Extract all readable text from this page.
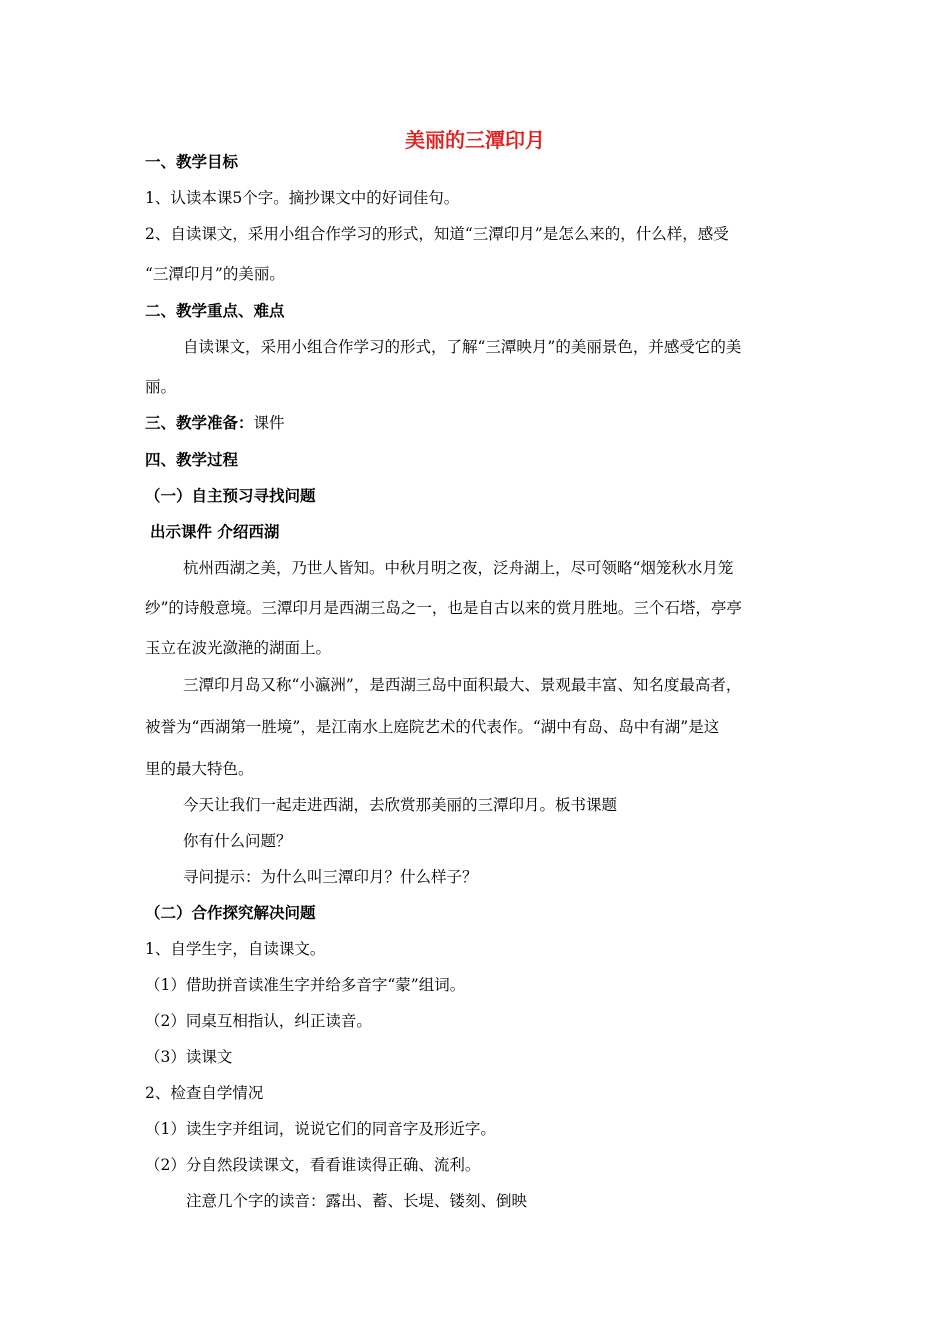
美丽的三潭印月

一、教学目标

1、认读本课5个字。摘抄课文中的好词佳句。

2、自读课文，采用小组合作学习的形式，知道“三潭印月”是怎么来的，什么样，感受

“三潭印月”的美丽。

二、教学重点、难点

自读课文，采用小组合作学习的形式，了解“三潭映月”的美丽景色，并感受它的美

丽。

三、教学准备：课件

四、教学过程

（一）自主预习寻找问题

出示课件 介绍西湖

杭州西湖之美，乃世人皆知。中秋月明之夜，泛舟湖上，尽可领略“烟笼秋水月笼

纱”的诗般意境。三潭印月是西湖三岛之一，也是自古以来的赏月胜地。三个石塔，亭亭

玉立在波光潋滟的湖面上。

三潭印月岛又称“小瀛洲”，是西湖三岛中面积最大、景观最丰富、知名度最高者，

被誉为“西湖第一胜境”，是江南水上庭院艺术的代表作。“湖中有岛、岛中有湖”是这

里的最大特色。

今天让我们一起走进西湖，去欣赏那美丽的三潭印月。板书课题

你有什么问题？

寻问提示：为什么叫三潭印月？什么样子？

（二）合作探究解决问题

1、自学生字，自读课文。

（1）借助拼音读准生字并给多音字“蒙”组词。

（2）同桌互相指认，纠正读音。

（3）读课文

2、检查自学情况

（1）读生字并组词，说说它们的同音字及形近字。

（2）分自然段读课文，看看谁读得正确、流利。

注意几个字的读音：露出、蓄、长堤、镂刻、倒映
